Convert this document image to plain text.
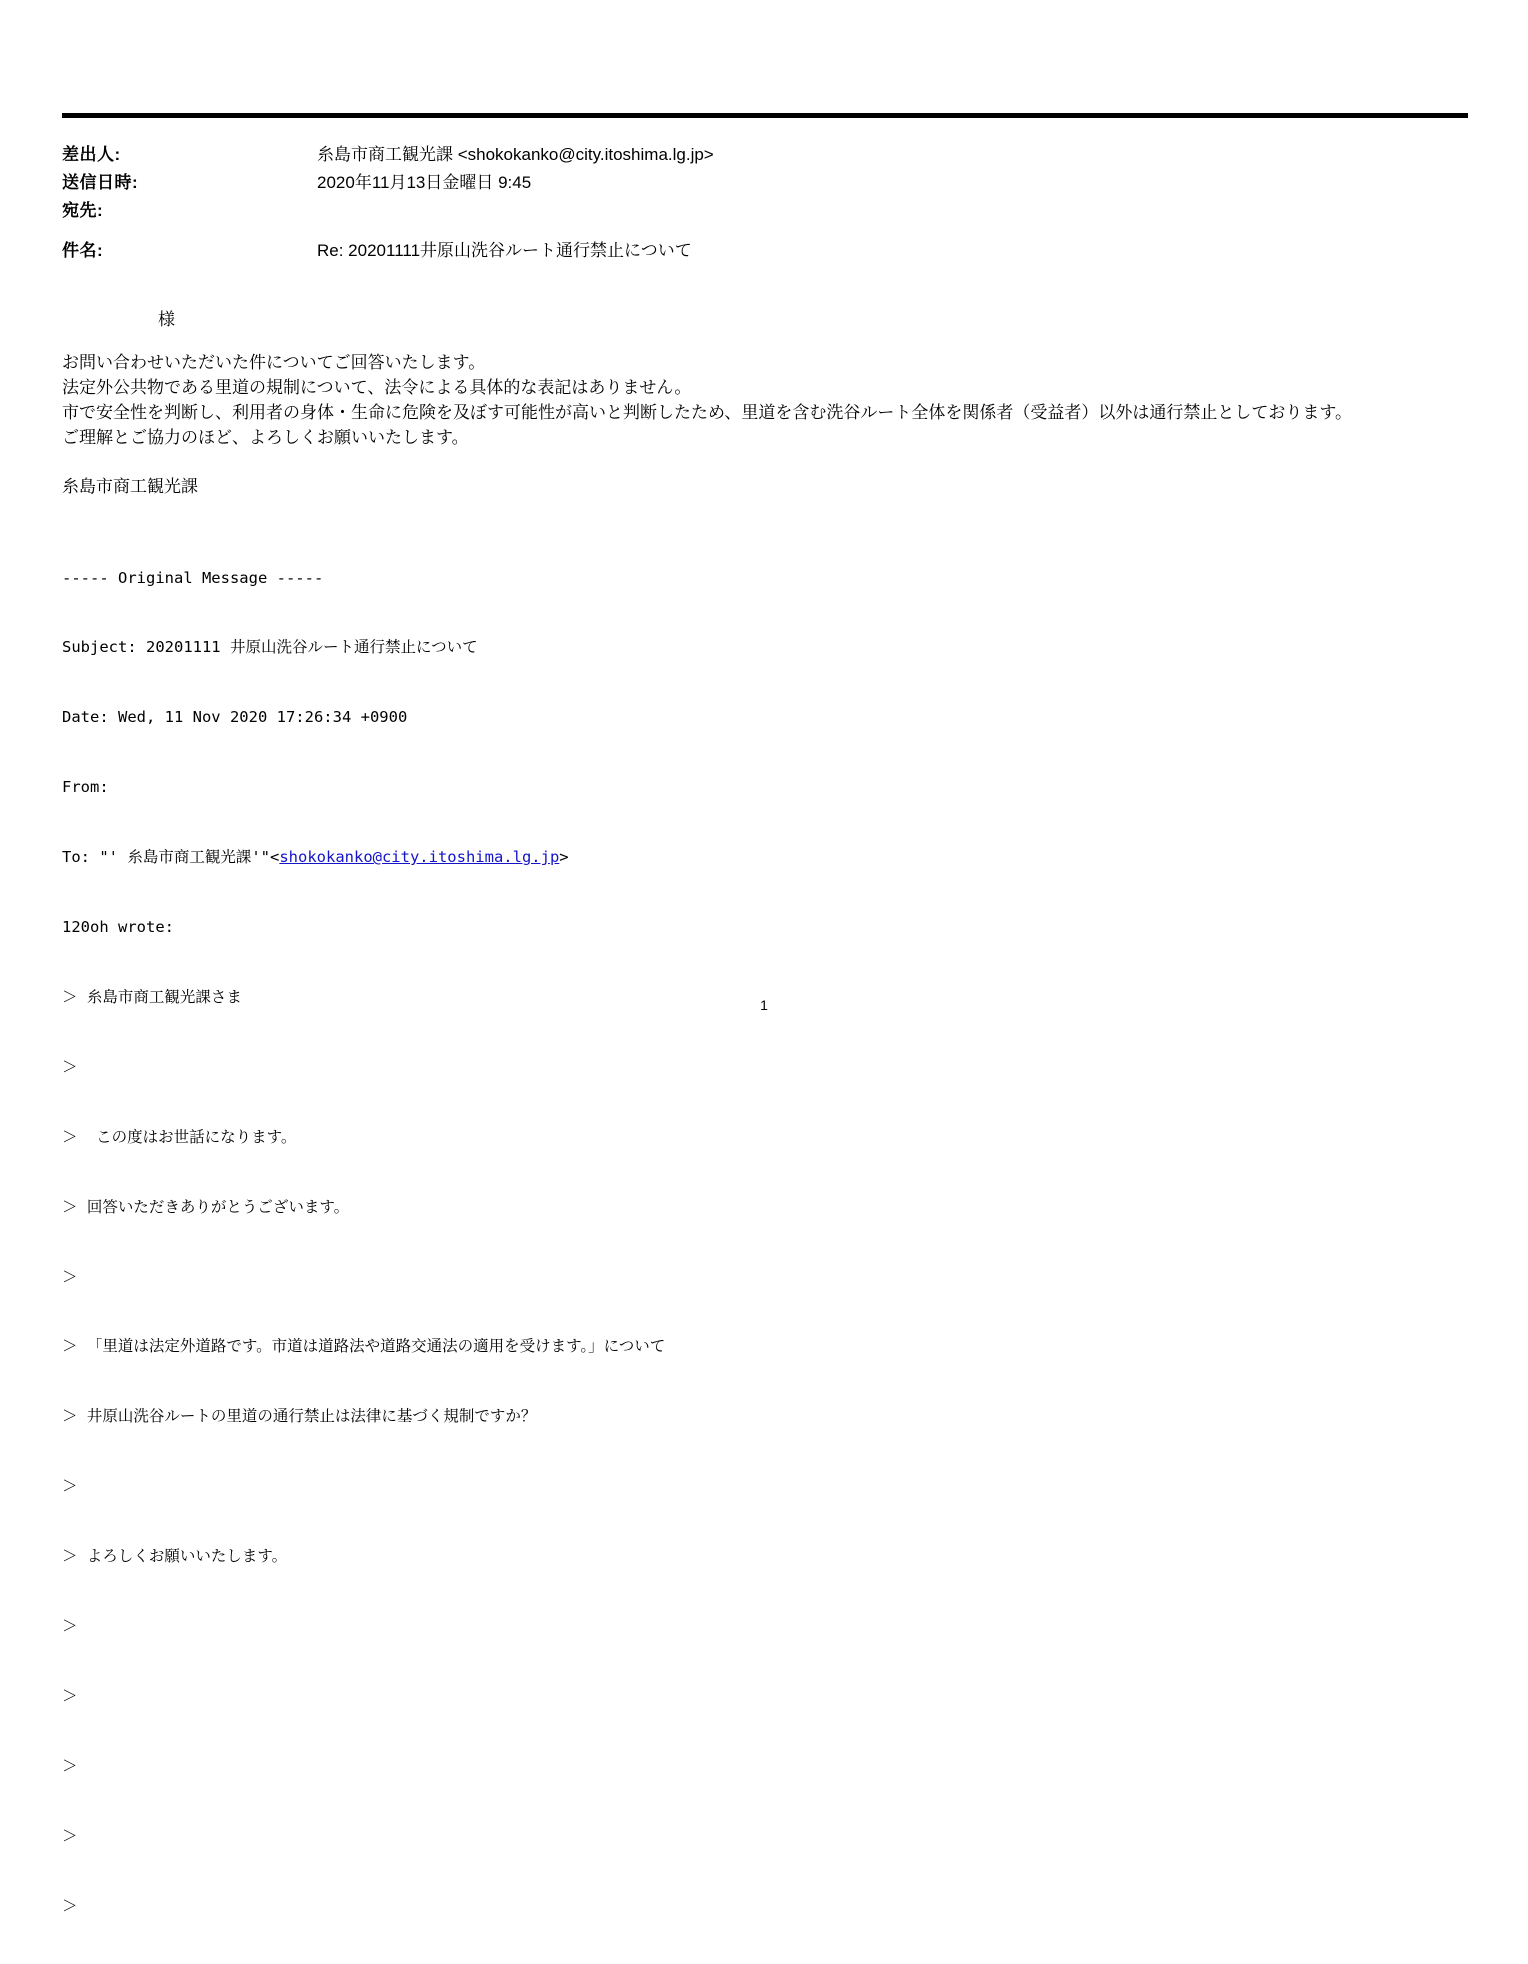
差出人:	糸島市商工観光課 <shokokanko@city.itoshima.lg.jp>
送信日時:	2020年11月13日金曜日 9:45
宛先:
件名:	Re: 20201111井原山洗谷ルート通行禁止について
様
お問い合わせいただいた件についてご回答いたします。
法定外公共物である里道の規制について、法令による具体的な表記はありません。
市で安全性を判断し、利用者の身体・生命に危険を及ぼす可能性が高いと判断したため、里道を含む洗谷ルート全体を関係者（受益者）以外は通行禁止としております。
ご理解とご協力のほど、よろしくお願いいたします。
糸島市商工観光課

----- Original Message -----

Subject: 20201111 井原山洗谷ルート通行禁止について

Date: Wed, 11 Nov 2020 17:26:34 +0900

From:

To: "' 糸島市商工観光課'"<shokokanko@city.itoshima.lg.jp>

120oh wrote:

＞ 糸島市商工観光課さま

＞

＞  この度はお世話になります。

＞ 回答いただきありがとうございます。

＞

＞ 「里道は法定外道路です。市道は道路法や道路交通法の適用を受けます。」について

＞ 井原山洗谷ルートの里道の通行禁止は法律に基づく規制ですか？

＞

＞ よろしくお願いいたします。

＞

＞

＞

＞

＞

1
